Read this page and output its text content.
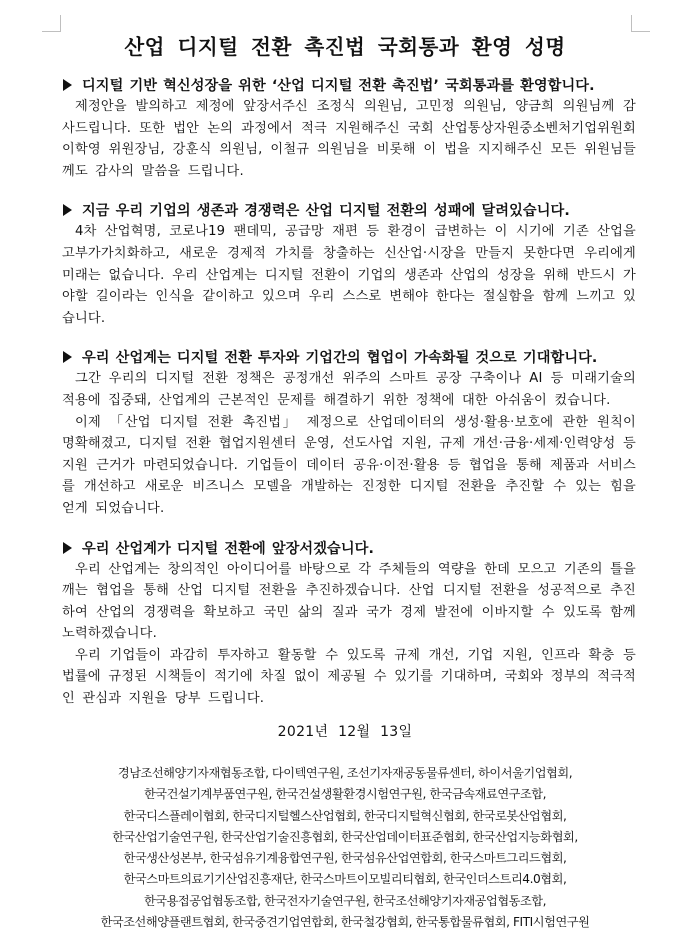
산업 디지털 전환 촉진법 국회통과 환영 성명
디지털 기반 혁신성장을 위한 ‘산업 디지털 전환 촉진법’ 국회통과를 환영합니다.
제정안을 발의하고 제정에 앞장서주신 조정식 의원님, 고민정 의원님, 양금희 의원님께 감사드립니다. 또한 법안 논의 과정에서 적극 지원해주신 국회 산업통상자원중소벤처기업위원회 이학영 위원장님, 강훈식 의원님, 이철규 의원님을 비롯해 이 법을 지지해주신 모든 위원님들께도 감사의 말씀을 드립니다.
지금 우리 기업의 생존과 경쟁력은 산업 디지털 전환의 성패에 달려있습니다.
4차 산업혁명, 코로나19 팬데믹, 공급망 재편 등 환경이 급변하는 이 시기에 기존 산업을 고부가가치화하고, 새로운 경제적 가치를 창출하는 신산업·시장을 만들지 못한다면 우리에게 미래는 없습니다. 우리 산업계는 디지털 전환이 기업의 생존과 산업의 성장을 위해 반드시 가야할 길이라는 인식을 같이하고 있으며 우리 스스로 변해야 한다는 절실함을 함께 느끼고 있습니다.
우리 산업계는 디지털 전환 투자와 기업간의 협업이 가속화될 것으로 기대합니다.
그간 우리의 디지털 전환 정책은 공정개선 위주의 스마트 공장 구축이나 AI 등 미래기술의 적용에 집중돼, 산업계의 근본적인 문제를 해결하기 위한 정책에 대한 아쉬움이 컸습니다.
이제 「산업 디지털 전환 촉진법」 제정으로 산업데이터의 생성·활용·보호에 관한 원칙이 명확해졌고, 디지털 전환 협업지원센터 운영, 선도사업 지원, 규제 개선·금융·세제·인력양성 등 지원 근거가 마련되었습니다. 기업들이 데이터 공유·이전·활용 등 협업을 통해 제품과 서비스를 개선하고 새로운 비즈니스 모델을 개발하는 진정한 디지털 전환을 추진할 수 있는 힘을 얻게 되었습니다.
우리 산업계가 디지털 전환에 앞장서겠습니다.
우리 산업계는 창의적인 아이디어를 바탕으로 각 주체들의 역량을 한데 모으고 기존의 틀을 깨는 협업을 통해 산업 디지털 전환을 추진하겠습니다. 산업 디지털 전환을 성공적으로 추진하여 산업의 경쟁력을 확보하고 국민 삶의 질과 국가 경제 발전에 이바지할 수 있도록 함께 노력하겠습니다.
우리 기업들이 과감히 투자하고 활동할 수 있도록 규제 개선, 기업 지원, 인프라 확충 등 법률에 규정된 시책들이 적기에 차질 없이 제공될 수 있기를 기대하며, 국회와 정부의 적극적인 관심과 지원을 당부 드립니다.
2021년 12월 13일
경남조선해양기자재협동조합, 다이텍연구원, 조선기자재공동물류센터, 하이서울기업협회,
한국건설기계부품연구원, 한국건설생활환경시험연구원, 한국금속재료연구조합,
한국디스플레이협회, 한국디지털헬스산업협회, 한국디지털혁신협회, 한국로봇산업협회,
한국산업기술연구원, 한국산업기술진흥협회, 한국산업데이터표준협회, 한국산업지능화협회,
한국생산성본부, 한국섬유기계융합연구원, 한국섬유산업연합회, 한국스마트그리드협회,
한국스마트의료기기산업진흥재단, 한국스마트이모빌리티협회, 한국인더스트리4.0협회,
한국용접공업협동조합, 한국전자기술연구원, 한국조선해양기자재공업협동조합,
한국조선해양플랜트협회, 한국중견기업연합회, 한국철강협회, 한국통합물류협회, FITI시험연구원
